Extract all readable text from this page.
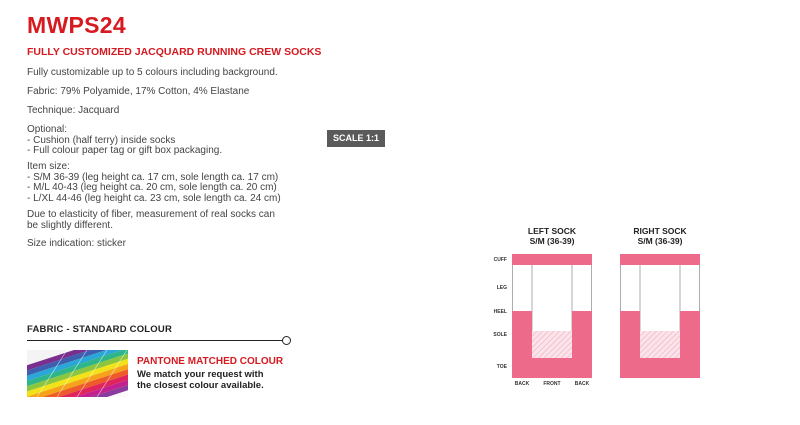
MWPS24
FULLY CUSTOMIZED JACQUARD RUNNING CREW SOCKS
Fully customizable up to 5 colours including background.
Fabric: 79% Polyamide, 17% Cotton, 4% Elastane
Technique: Jacquard
Optional:
- Cushion (half terry) inside socks
- Full colour paper tag or gift box packaging.
Item size:
- S/M 36-39 (leg height ca. 17 cm, sole length ca. 17 cm)
- M/L 40-43 (leg height ca. 20 cm, sole length ca. 20 cm)
- L/XL 44-46 (leg height ca. 23 cm, sole length ca. 24 cm)
Due to elasticity of fiber, measurement of real socks can
be slightly different.
Size indication: sticker
SCALE 1:1
FABRIC - STANDARD COLOUR
PANTONE MATCHED COLOUR
We match your request with
the closest colour available.
LEFT SOCK
S/M (36-39)
RIGHT SOCK
S/M (36-39)
CUFF
LEG
HEEL
SOLE
TOE
BACK	FRONT	BACK
